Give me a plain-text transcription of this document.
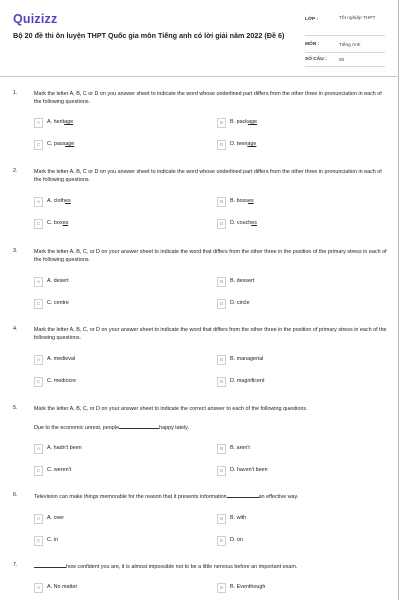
Quizizz
Bộ 20 đề thi ôn luyện THPT Quốc gia môn Tiếng anh có lời giải năm 2022 (Đề 6)
LỚP :	Tốt nghiệp THPT
MÔN :	Tiếng Anh
SỐ CÂU :	50
1.	Mark the letter A, B, C or D on you answer sheet to indicate the word whose underlined part differs from the other three in pronunciation in each of the following questions.
A	A. heritage	B	B. package
C	C. passage	D	D. teenage
2.	Mark the letter A, B, C or D on you answer sheet to indicate the word whose underlined part differs from the other three in pronunciation in each of the following questions.
A	A. clothes	B	B. bosses
C	C. boxes	D	D. couches
3.	Mark the letter A, B, C, or D on your answer sheet to indicate the word that differs from the other three in the position of the primary stress in each of the following questions.
A	A. desert	B	B. dessert
C	C. centre	D	D. circle
4.	Mark the letter A, B, C, or D on your answer sheet to indicate the word that differs from the other three in the position of primary stress in each of the following questions.
A	A. medieval	B	B. managerial
C	C. mediocre	D	D. magnificent
5.	Mark the letter A, B, C, or D on your answer sheet to indicate the correct answer to each of the following questions.
Due to the economic unrest, people	happy lately.
A	A. hadn't been	B	B. aren't
C	C. weren't	D	D. haven't been
6.	Television can make things memorable for the reason that it presents information	an effective way.
A	A. over	B	B. with
C	C. in	D	D. on
7.	how confident you are, it is almost impossible not to be a little nervous before an important exam.
A	A. No matter	B	B. Eventhough
